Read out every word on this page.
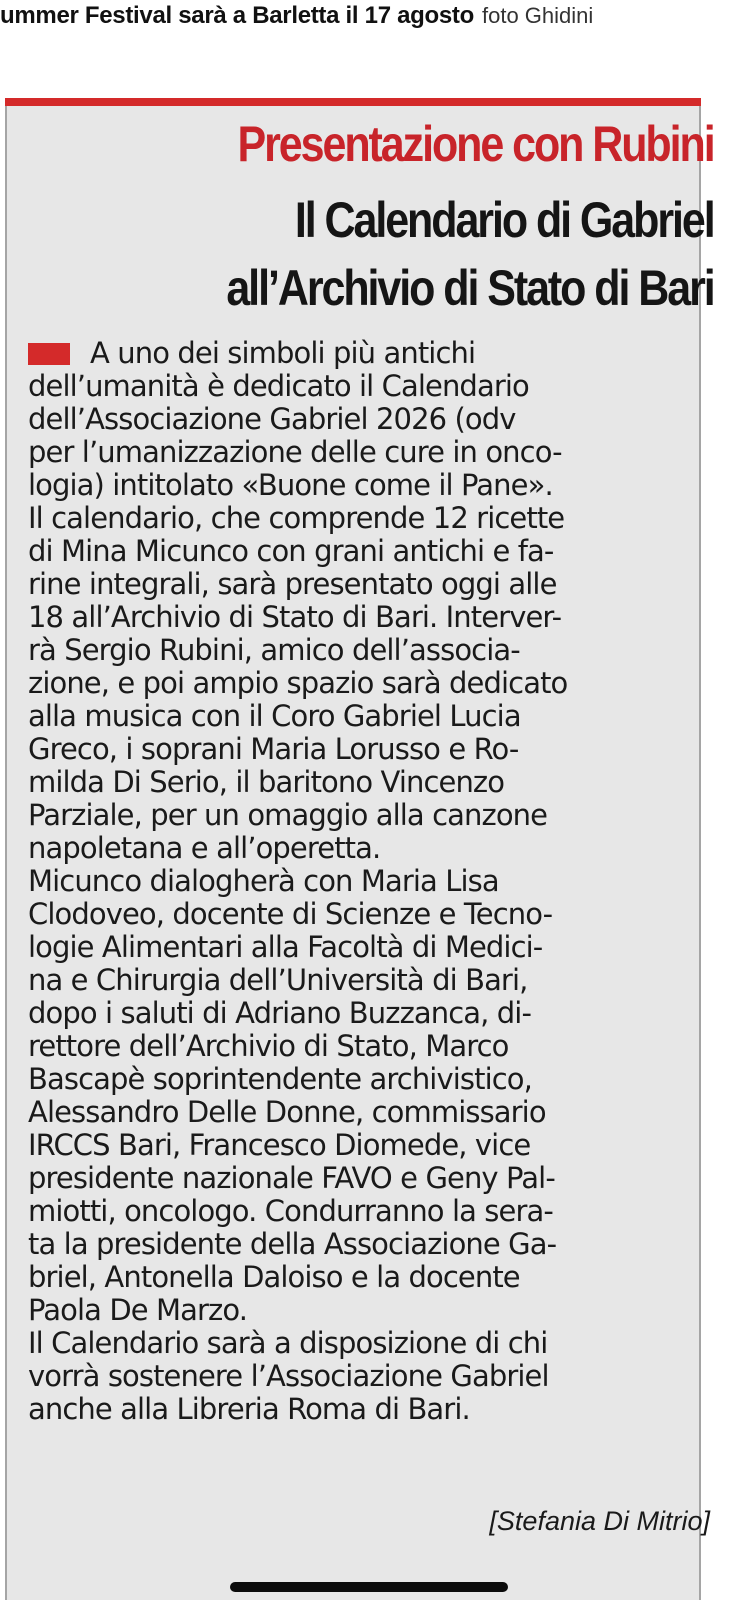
ummer Festival sarà a Barletta il 17 agosto foto Ghidini
Presentazione con Rubini
Il Calendario di Gabriel
all’Archivio di Stato di Bari
A uno dei simboli più antichi
dell’umanità è dedicato il Calendario
dell’Associazione Gabriel 2026 (odv
per l’umanizzazione delle cure in onco-
logia) intitolato «Buone come il Pane».
Il calendario, che comprende 12 ricette
di Mina Micunco con grani antichi e fa-
rine integrali, sarà presentato oggi alle
18 all’Archivio di Stato di Bari. Interver-
rà Sergio Rubini, amico dell’associa-
zione, e poi ampio spazio sarà dedicato
alla musica con il Coro Gabriel Lucia
Greco, i soprani Maria Lorusso e Ro-
milda Di Serio, il baritono Vincenzo
Parziale, per un omaggio alla canzone
napoletana e all’operetta.
Micunco dialogherà con Maria Lisa
Clodoveo, docente di Scienze e Tecno-
logie Alimentari alla Facoltà di Medici-
na e Chirurgia dell’Università di Bari,
dopo i saluti di Adriano Buzzanca, di-
rettore dell’Archivio di Stato, Marco
Bascapè soprintendente archivistico,
Alessandro Delle Donne, commissario
IRCCS Bari, Francesco Diomede, vice
presidente nazionale FAVO e Geny Pal-
miotti, oncologo. Condurranno la sera-
ta la presidente della Associazione Ga-
briel, Antonella Daloiso e la docente
Paola De Marzo.
Il Calendario sarà a disposizione di chi
vorrà sostenere l’Associazione Gabriel
anche alla Libreria Roma di Bari.
[Stefania Di Mitrio]
